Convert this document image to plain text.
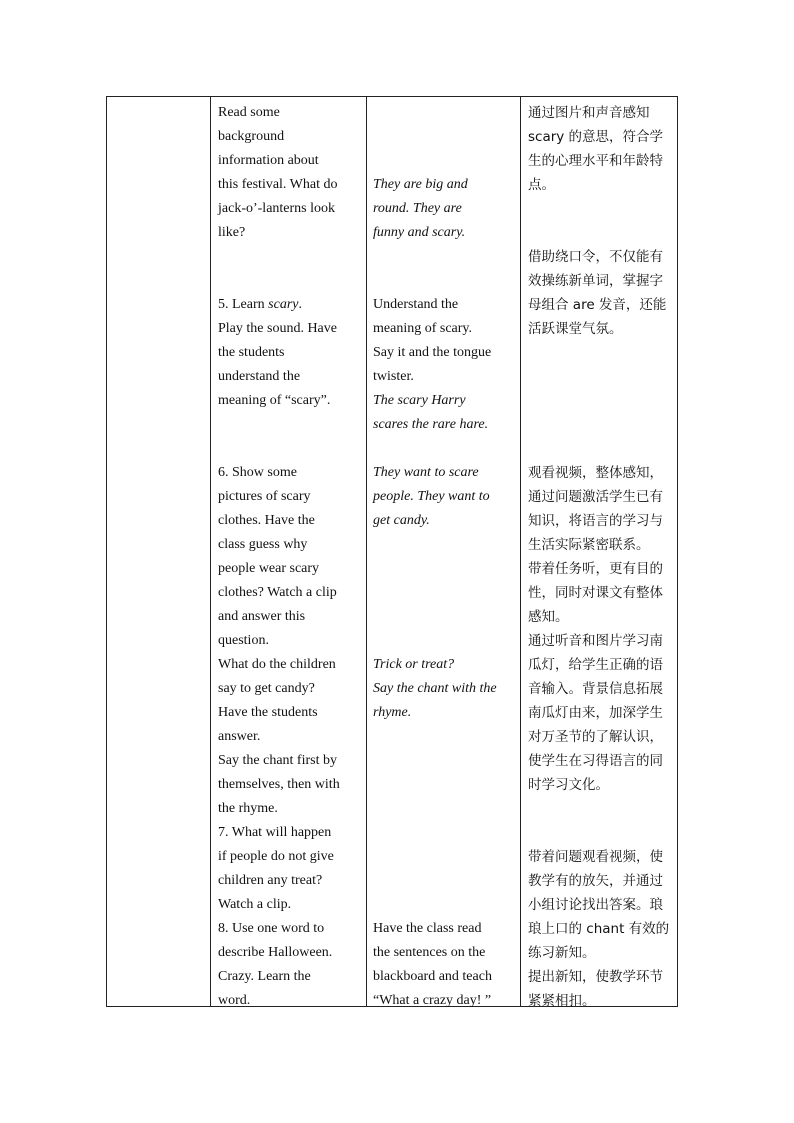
Read some
background
information about
this festival. What do
jack-o’-lanterns look
like?
5. Learn scary.
Play the sound. Have
the students
understand the
meaning of “scary”.
6. Show some
pictures of scary
clothes. Have the
class guess why
people wear scary
clothes? Watch a clip
and answer this
question.
What do the children
say to get candy?
Have the students
answer.
Say the chant first by
themselves, then with
the rhyme.
7. What will happen
if people do not give
children any treat?
Watch a clip.
8. Use one word to
describe Halloween.
Crazy. Learn the
word.
They are big and
round. They are
funny and scary.
Understand the
meaning of scary.
Say it and the tongue
twister.
The scary Harry
scares the rare hare.
They want to scare
people. They want to
get candy.
Trick or treat?
Say the chant with the
rhyme.
Have the class read
the sentences on the
blackboard and teach
“What a crazy day! ”
通过图片和声音感知
scary 的意思，符合学
生的心理水平和年龄特
点。
借助绕口令，不仅能有
效操练新单词，掌握字
母组合 are 发音，还能
活跃课堂气氛。
观看视频，整体感知，
通过问题激活学生已有
知识，将语言的学习与
生活实际紧密联系。
带着任务听，更有目的
性，同时对课文有整体
感知。
通过听音和图片学习南
瓜灯，给学生正确的语
音输入。背景信息拓展
南瓜灯由来，加深学生
对万圣节的了解认识，
使学生在习得语言的同
时学习文化。
带着问题观看视频，使
教学有的放矢，并通过
小组讨论找出答案。琅
琅上口的 chant 有效的
练习新知。
提出新知，使教学环节
紧紧相扣。
